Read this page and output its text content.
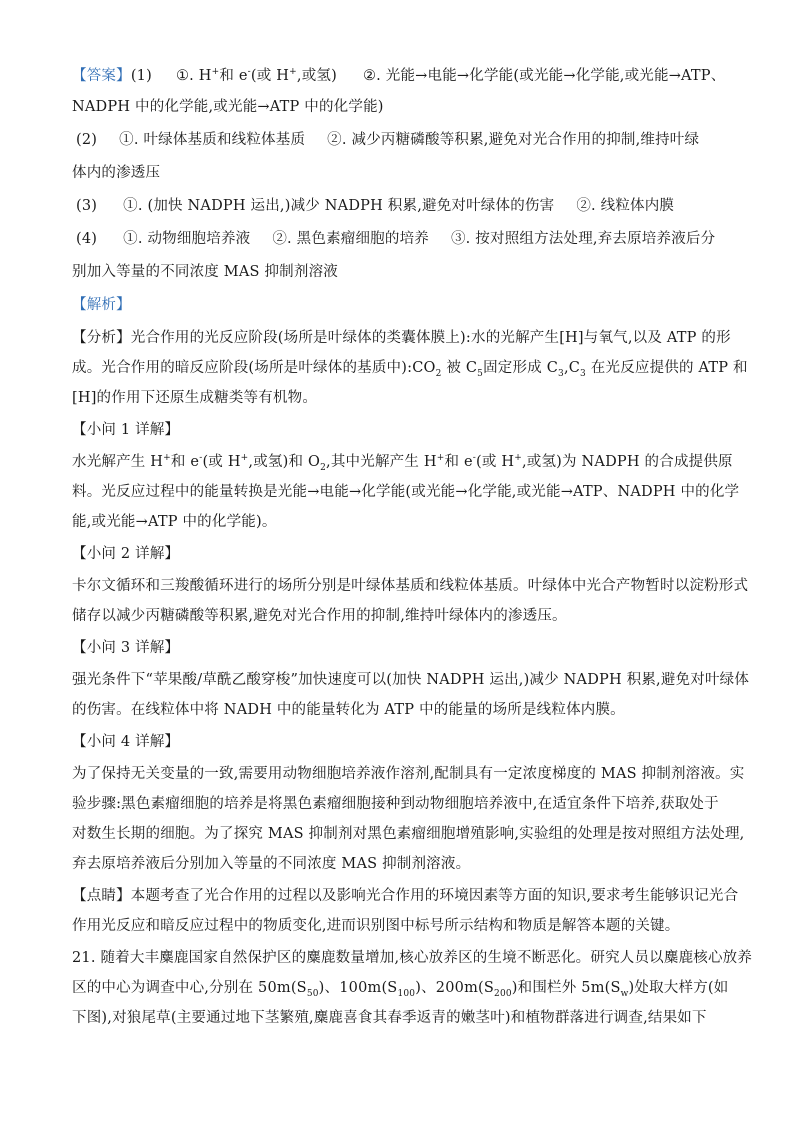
【答案】(1) ①. H+和 e-(或 H+,或氢) ②. 光能→电能→化学能(或光能→化学能,或光能→ATP、
NADPH 中的化学能,或光能→ATP 中的化学能)
(2) ①. 叶绿体基质和线粒体基质 ②. 减少丙糖磷酸等积累,避免对光合作用的抑制,维持叶绿
体内的渗透压
(3) ①. (加快 NADPH 运出,)减少 NADPH 积累,避免对叶绿体的伤害 ②. 线粒体内膜
(4) ①. 动物细胞培养液 ②. 黑色素瘤细胞的培养 ③. 按对照组方法处理,弃去原培养液后分
别加入等量的不同浓度 MAS 抑制剂溶液
【解析】
【分析】光合作用的光反应阶段(场所是叶绿体的类囊体膜上):水的光解产生[H]与氧气,以及 ATP 的形
成。光合作用的暗反应阶段(场所是叶绿体的基质中)$:CO_2$ 被 $C_5$固定形成 $C_3,C_3$ 在光反应提供的 ATP 和
[H]的作用下还原生成糖类等有机物。
【小问 1 详解】
水光解产生 H+和 e-(或 H+,或氢)和 $O_2$,其中光解产生 H+和 e-(或 H+,或氢)为 NADPH 的合成提供原
料。光反应过程中的能量转换是光能→电能→化学能(或光能→化学能,或光能→ATP、NADPH 中的化学
能,或光能→ATP 中的化学能)。
【小问 2 详解】
卡尔文循环和三羧酸循环进行的场所分别是叶绿体基质和线粒体基质。叶绿体中光合产物暂时以淀粉形式
储存以减少丙糖磷酸等积累,避免对光合作用的抑制,维持叶绿体内的渗透压。
【小问 3 详解】
强光条件下“苹果酸/草酰乙酸穿梭”加快速度可以(加快 NADPH 运出,)减少 NADPH 积累,避免对叶绿体
的伤害。在线粒体中将 NADH 中的能量转化为 ATP 中的能量的场所是线粒体内膜。
【小问 4 详解】
为了保持无关变量的一致,需要用动物细胞培养液作溶剂,配制具有一定浓度梯度的 MAS 抑制剂溶液。实
验步骤:黑色素瘤细胞的培养是将黑色素瘤细胞接种到动物细胞培养液中,在适宜条件下培养,获取处于
对数生长期的细胞。为了探究 MAS 抑制剂对黑色素瘤细胞增殖影响,实验组的处理是按对照组方法处理,
弃去原培养液后分别加入等量的不同浓度 MAS 抑制剂溶液。
【点睛】本题考查了光合作用的过程以及影响光合作用的环境因素等方面的知识,要求考生能够识记光合
作用光反应和暗反应过程中的物质变化,进而识别图中标号所示结构和物质是解答本题的关键。
21. 随着大丰麋鹿国家自然保护区的麋鹿数量增加,核心放养区的生境不断恶化。研究人员以麋鹿核心放养
区的中心为调查中心,分别在 $50m(S_{50})$、$100m(S_{100})$、$200m(S_{200})$和围栏外 $5m(S_w)$处取大样方(如
下图),对狼尾草(主要通过地下茎繁殖,麋鹿喜食其春季返青的嫩茎叶)和植物群落进行调查,结果如下
